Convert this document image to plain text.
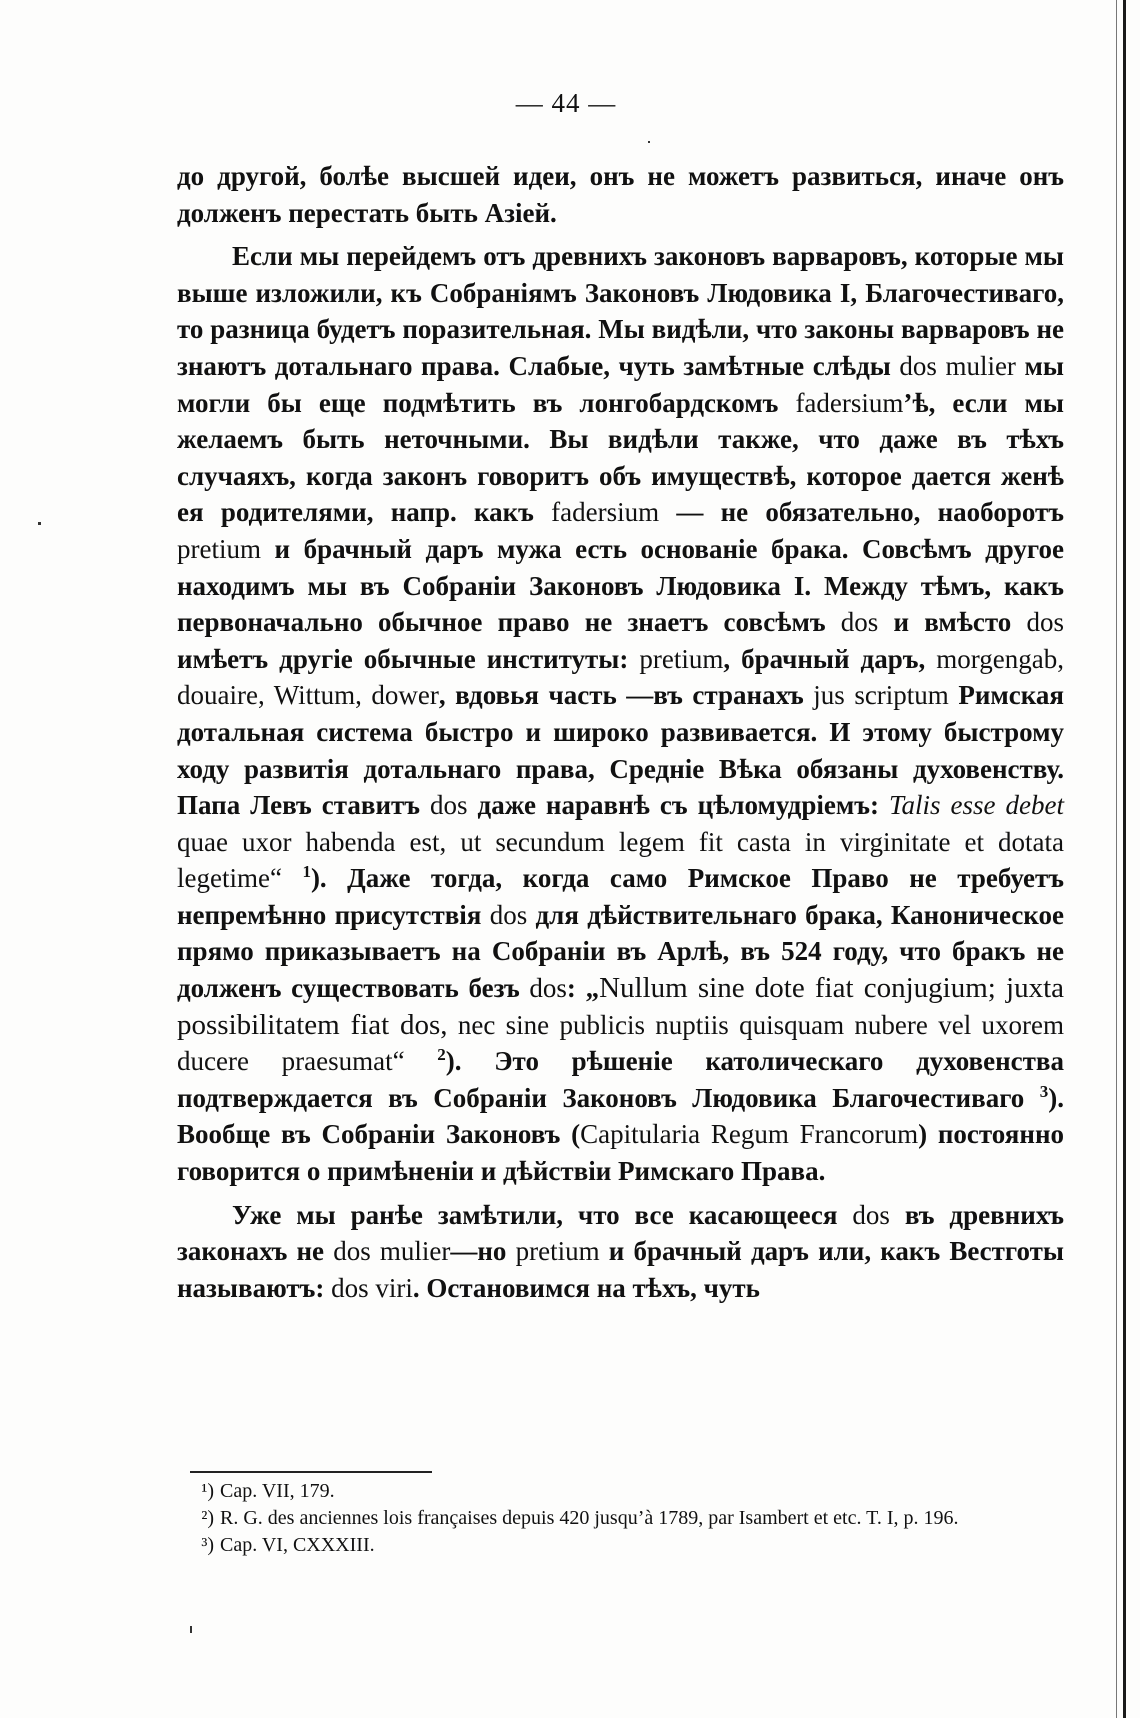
— 44 —

до другой, болѣе высшей идеи, онъ не можетъ развиться, иначе онъ долженъ перестать быть Азіей.

Если мы перейдемъ отъ древнихъ законовъ варваровъ, которые мы выше изложили, къ Собраніямъ Законовъ Людовика I, Благочестиваго, то разница будетъ поразительная. Мы видѣли, что законы варваровъ не знаютъ дотальнаго права. Слабые, чуть замѣтные слѣды dos mulier мы могли бы еще подмѣтить въ лонгобардскомъ fadersium’ѣ, если мы желаемъ быть неточными. Вы видѣли также, что даже въ тѣхъ случаяхъ, когда законъ говоритъ объ имуществѣ, которое дается женѣ ея родителями, напр. какъ fadersium — не обязательно, наоборотъ pretium и брачный даръ мужа есть основаніе брака. Совсѣмъ другое находимъ мы въ Собраніи Законовъ Людовика I. Между тѣмъ, какъ первоначально обычное право не знаетъ совсѣмъ dos и вмѣсто dos имѣетъ другіе обычные институты: pretium, брачный даръ, morgengab, douaire, Wittum, dower, вдовья часть —въ странахъ jus scriptum Римская дотальная система быстро и широко развивается. И этому быстрому ходу развитія дотальнаго права, Средніе Вѣка обязаны духовенству. Папа Левъ ставитъ dos даже наравнѣ съ цѣломудріемъ: Talis esse debet quae uxor habenda est, ut secundum legem fit casta in virginitate et dotata legetime“ $^1$). Даже тогда, когда само Римское Право не требуетъ непремѣнно присутствія dos для дѣйствительнаго брака, Каноническое прямо приказываетъ на Собраніи въ Арлѣ, въ 524 году, что бракъ не долженъ существовать безъ dos: „Nullum sine dote fiat conjugium; juxta possibilitatem fiat dos, nec sine publicis nuptiis quisquam nubere vel uxorem ducere praesumat“ $^2$). Это рѣшеніе католическаго духовенства подтверждается въ Собраніи Законовъ Людовика Благочестиваго $^3$). Вообще въ Собраніи Законовъ (Capitularia Regum Francorum) постоянно говорится о примѣненіи и дѣйствіи Римскаго Права.

Уже мы ранѣе замѣтили, что все касающееся dos въ древнихъ законахъ не dos mulier—но pretium и брачный даръ или, какъ Вестготы называютъ: dos viri. Остановимся на тѣхъ, чуть

¹) Cap. VII, 179.

²) R. G. des anciennes lois françaises depuis 420 jusqu’à 1789, par Isambert et etc. T. I, p. 196.

³) Cap. VI, CXXXIII.
